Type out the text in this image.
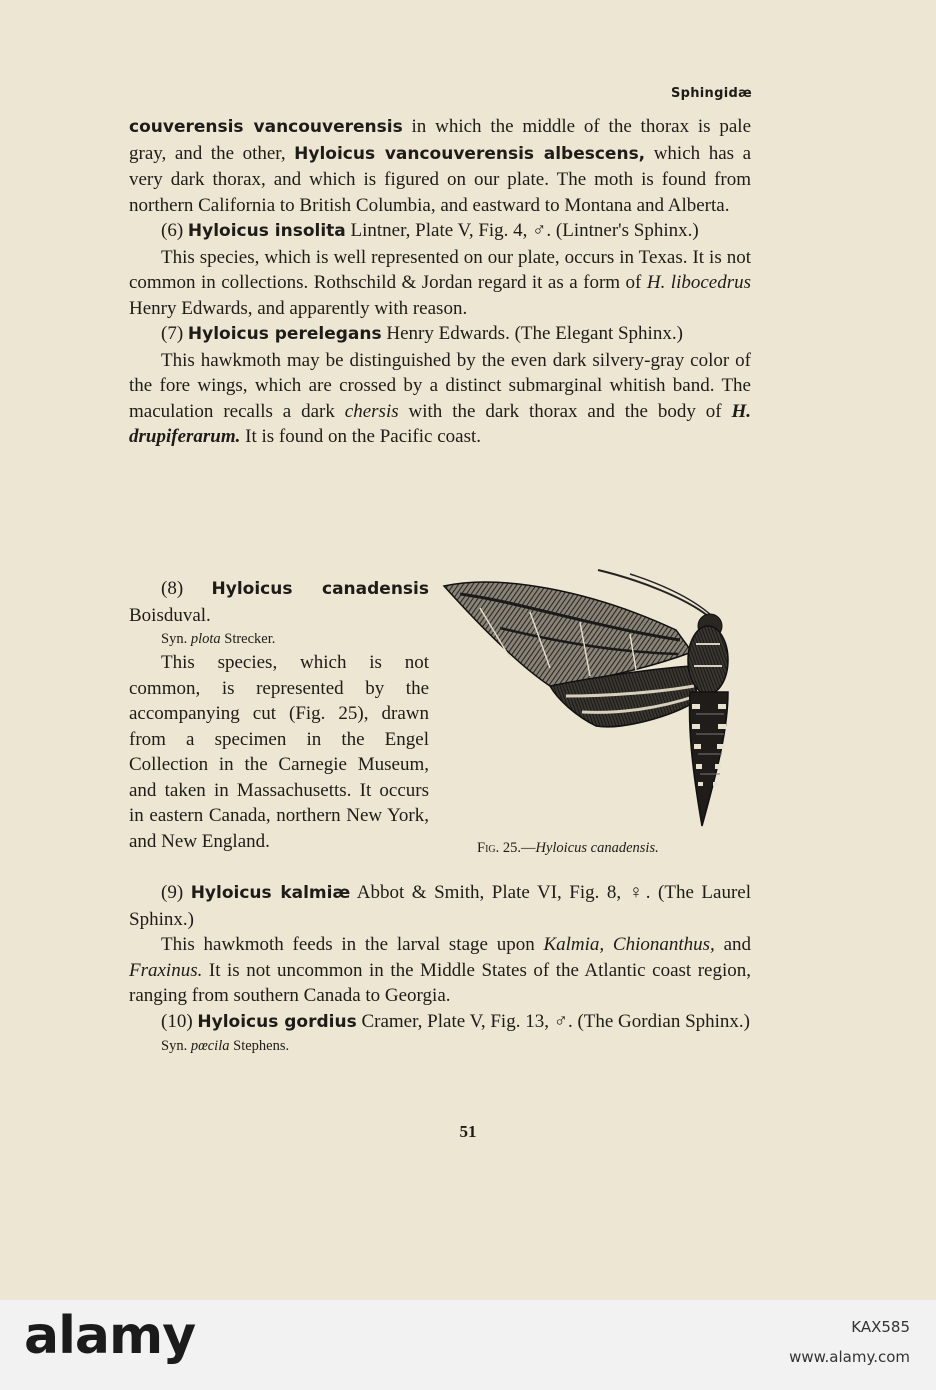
Sphingidæ

couverensis vancouverensis in which the middle of the thorax is pale gray, and the other, Hyloicus vancouverensis albescens, which has a very dark thorax, and which is figured on our plate. The moth is found from northern California to British Columbia, and eastward to Montana and Alberta.

(6) Hyloicus insolita Lintner, Plate V, Fig. 4, ♂. (Lintner's Sphinx.)

This species, which is well represented on our plate, occurs in Texas. It is not common in collections. Rothschild & Jordan regard it as a form of H. libocedrus Henry Edwards, and apparently with reason.

(7) Hyloicus perelegans Henry Edwards. (The Elegant Sphinx.)

This hawkmoth may be distinguished by the even dark silvery-gray color of the fore wings, which are crossed by a distinct submarginal whitish band. The maculation recalls a dark chersis with the dark thorax and the body of H. drupiferarum. It is found on the Pacific coast.

(8) Hyloicus canadensis Boisduval.

Syn. plota Strecker.

This species, which is not common, is represented by the accompanying cut (Fig. 25), drawn from a specimen in the Engel Collection in the Carnegie Museum, and taken in Massachusetts. It occurs in eastern Canada, northern New York, and New England.	Fig. 25.—Hyloicus canadensis.

(9) Hyloicus kalmiæ Abbot & Smith, Plate VI, Fig. 8, ♀. (The Laurel Sphinx.)

This hawkmoth feeds in the larval stage upon Kalmia, Chionanthus, and Fraxinus. It is not uncommon in the Middle States of the Atlantic coast region, ranging from southern Canada to Georgia.

(10) Hyloicus gordius Cramer, Plate V, Fig. 13, ♂. (The Gordian Sphinx.)

Syn. pœcila Stephens.

51
alamy	KAX585
www.alamy.com
